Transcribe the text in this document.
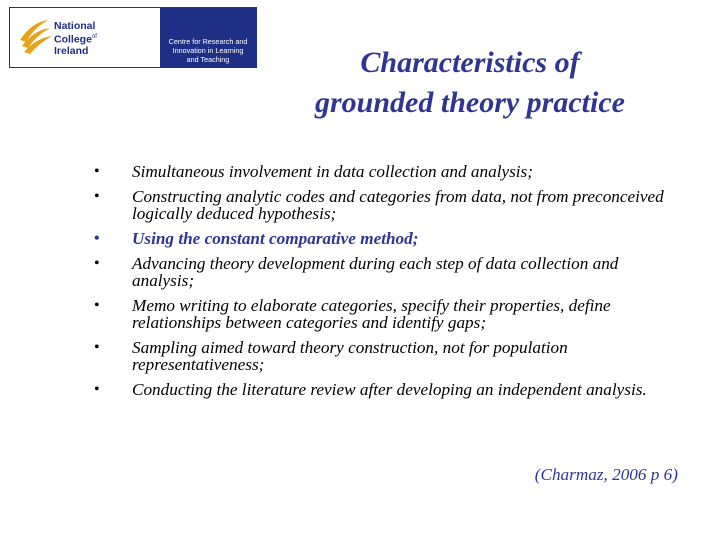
National
College$^{of}$
Ireland
Centre for Research and
Innovation in Learning
and Teaching	Characteristics of
grounded theory practice
• Simultaneous involvement in data collection and analysis;
• Constructing analytic codes and categories from data, not from preconceived logically deduced hypothesis;
• Using the constant comparative method;
• Advancing theory development during each step of data collection and analysis;
• Memo writing to elaborate categories, specify their properties, define relationships between categories and identify gaps;
• Sampling aimed toward theory construction, not for population representativeness;
• Conducting the literature review after developing an independent analysis.
(Charmaz, 2006 p 6)
